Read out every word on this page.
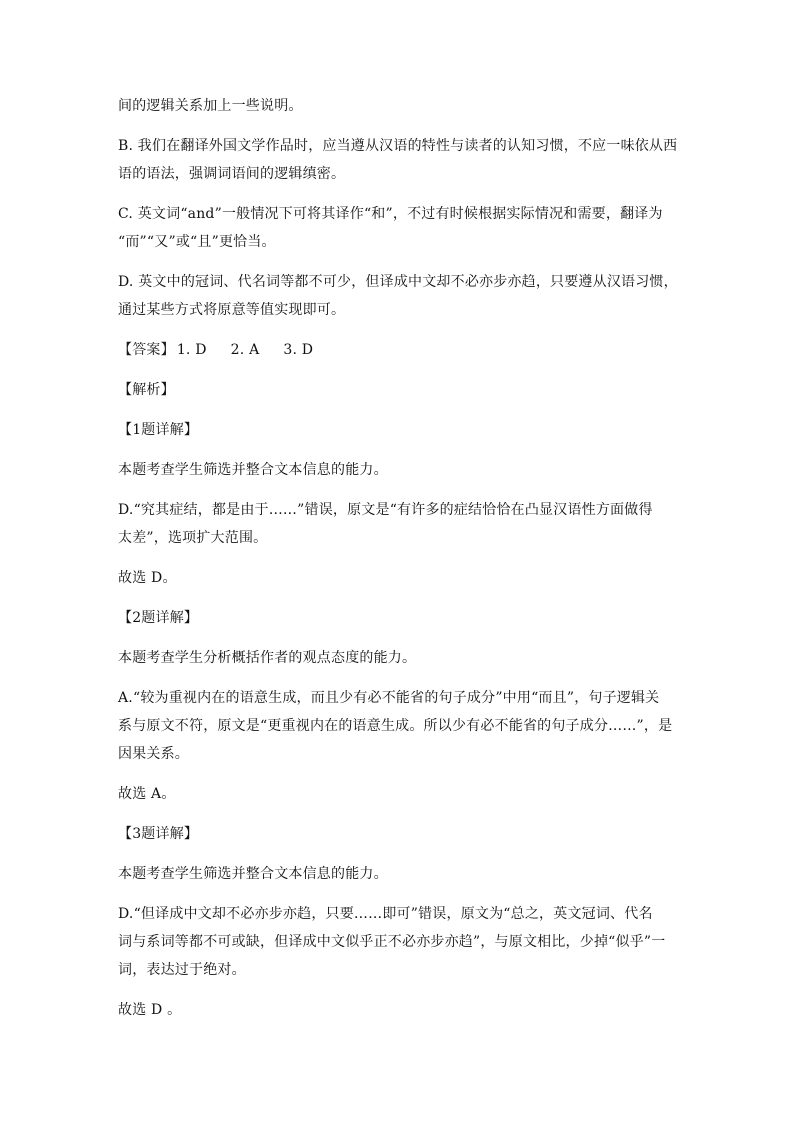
间的逻辑关系加上一些说明。

B. 我们在翻译外国文学作品时，应当遵从汉语的特性与读者的认知习惯，不应一味依从西
语的语法，强调词语间的逻辑缜密。

C. 英文词“and”一般情况下可将其译作“和”，不过有时候根据实际情况和需要，翻译为
“而”“又”或“且”更恰当。

D. 英文中的冠词、代名词等都不可少，但译成中文却不必亦步亦趋，只要遵从汉语习惯，
通过某些方式将原意等值实现即可。

【答案】 1. D 2. A 3. D

【解析】

【1题详解】

本题考查学生筛选并整合文本信息的能力。

D.“究其症结，都是由于……”错误，原文是“有许多的症结恰恰在凸显汉语性方面做得
太差”，选项扩大范围。

故选 D。

【2题详解】

本题考查学生分析概括作者的观点态度的能力。

A.“较为重视内在的语意生成，而且少有必不能省的句子成分”中用“而且”，句子逻辑关
系与原文不符，原文是“更重视内在的语意生成。所以少有必不能省的句子成分……”，是
因果关系。

故选 A。

【3题详解】

本题考查学生筛选并整合文本信息的能力。

D.“但译成中文却不必亦步亦趋，只要……即可”错误，原文为“总之，英文冠词、代名
词与系词等都不可或缺，但译成中文似乎正不必亦步亦趋”，与原文相比，少掉“似乎”一
词，表达过于绝对。

故选 D 。
